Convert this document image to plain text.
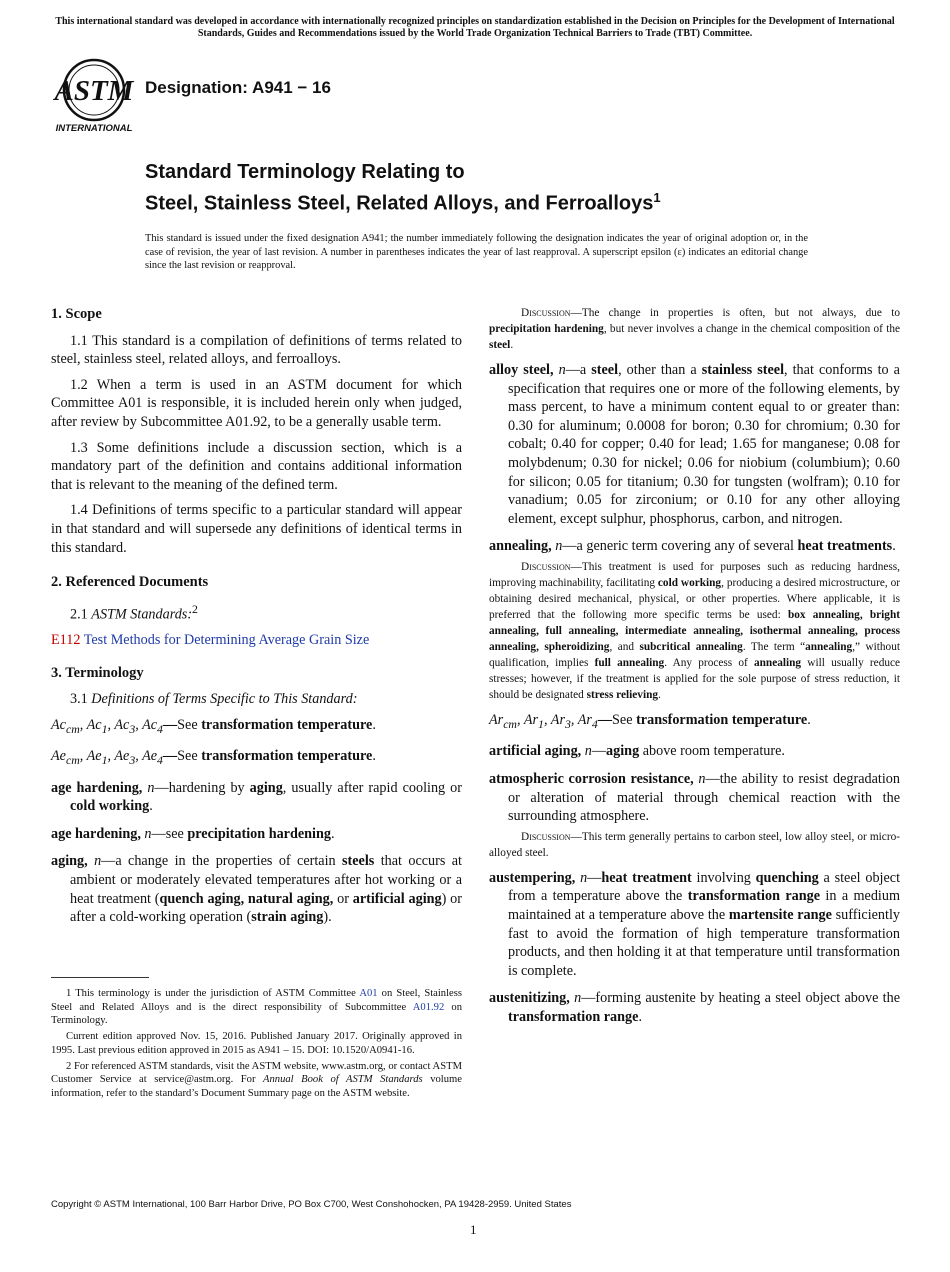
This international standard was developed in accordance with internationally recognized principles on standardization established in the Decision on Principles for the Development of International Standards, Guides and Recommendations issued by the World Trade Organization Technical Barriers to Trade (TBT) Committee.
ASTM
INTERNATIONAL
Designation: A941 − 16
Standard Terminology Relating to
Steel, Stainless Steel, Related Alloys, and Ferroalloys$^1$
This standard is issued under the fixed designation A941; the number immediately following the designation indicates the year of original adoption or, in the case of revision, the year of last revision. A number in parentheses indicates the year of last reapproval. A superscript epsilon (ε) indicates an editorial change since the last revision or reapproval.
1. Scope

1.1 This standard is a compilation of definitions of terms related to steel, stainless steel, related alloys, and ferroalloys.

1.2 When a term is used in an ASTM document for which Committee A01 is responsible, it is included herein only when judged, after review by Subcommittee A01.92, to be a generally usable term.

1.3 Some definitions include a discussion section, which is a mandatory part of the definition and contains additional information that is relevant to the meaning of the defined term.

1.4 Definitions of terms specific to a particular standard will appear in that standard and will supersede any definitions of identical terms in this standard.

2. Referenced Documents

2.1 ASTM Standards:$^2$

E112 Test Methods for Determining Average Grain Size

3. Terminology

3.1 Definitions of Terms Specific to This Standard:

$Ac_{cm}$, $Ac_1$, $Ac_3$, $Ac_4—See$ transformation temperature.

$Ae_{cm}$, $Ae_1$, $Ae_3$, $Ae_4—See$ transformation temperature.

age hardening, n—hardening by aging, usually after rapid cooling or cold working.

age hardening, n—see precipitation hardening.

aging, n—a change in the properties of certain steels that occurs at ambient or moderately elevated temperatures after hot working or a heat treatment (quench aging, natural aging, or artificial aging) or after a cold-working operation (strain aging).

1 This terminology is under the jurisdiction of ASTM Committee A01 on Steel, Stainless Steel and Related Alloys and is the direct responsibility of Subcommittee A01.92 on Terminology.

Current edition approved Nov. 15, 2016. Published January 2017. Originally approved in 1995. Last previous edition approved in 2015 as A941 – 15. DOI: 10.1520/A0941-16.

2 For referenced ASTM standards, visit the ASTM website, www.astm.org, or contact ASTM Customer Service at service@astm.org. For Annual Book of ASTM Standards volume information, refer to the standard’s Document Summary page on the ASTM website.

Discussion—The change in properties is often, but not always, due to precipitation hardening, but never involves a change in the chemical composition of the steel.

alloy steel, n—a steel, other than a stainless steel, that conforms to a specification that requires one or more of the following elements, by mass percent, to have a minimum content equal to or greater than: 0.30 for aluminum; 0.0008 for boron; 0.30 for chromium; 0.30 for cobalt; 0.40 for copper; 0.40 for lead; 1.65 for manganese; 0.08 for molybdenum; 0.30 for nickel; 0.06 for niobium (columbium); 0.60 for silicon; 0.05 for titanium; 0.30 for tungsten (wolfram); 0.10 for vanadium; 0.05 for zirconium; or 0.10 for any other alloying element, except sulphur, phosphorus, carbon, and nitrogen.

annealing, n—a generic term covering any of several heat treatments.

Discussion—This treatment is used for purposes such as reducing hardness, improving machinability, facilitating cold working, producing a desired microstructure, or obtaining desired mechanical, physical, or other properties. Where applicable, it is preferred that the following more specific terms be used: box annealing, bright annealing, full annealing, intermediate annealing, isothermal annealing, process annealing, spheroidizing, and subcritical annealing. The term “annealing,” without qualification, implies full annealing. Any process of annealing will usually reduce stresses; however, if the treatment is applied for the sole purpose of stress reduction, it should be designated stress relieving.

$Ar_{cm}$, $Ar_1$, $Ar_3$, $Ar_4—See$ transformation temperature.

artificial aging, n—aging above room temperature.

atmospheric corrosion resistance, n—the ability to resist degradation or alteration of material through chemical reaction with the surrounding atmosphere.

Discussion—This term generally pertains to carbon steel, low alloy steel, or micro-alloyed steel.

austempering, n—heat treatment involving quenching a steel object from a temperature above the transformation range in a medium maintained at a temperature above the martensite range sufficiently fast to avoid the formation of high temperature transformation products, and then holding it at that temperature until transformation is complete.

austenitizing, n—forming austenite by heating a steel object above the transformation range.

Copyright © ASTM International, 100 Barr Harbor Drive, PO Box C700, West Conshohocken, PA 19428-2959. United States
1
